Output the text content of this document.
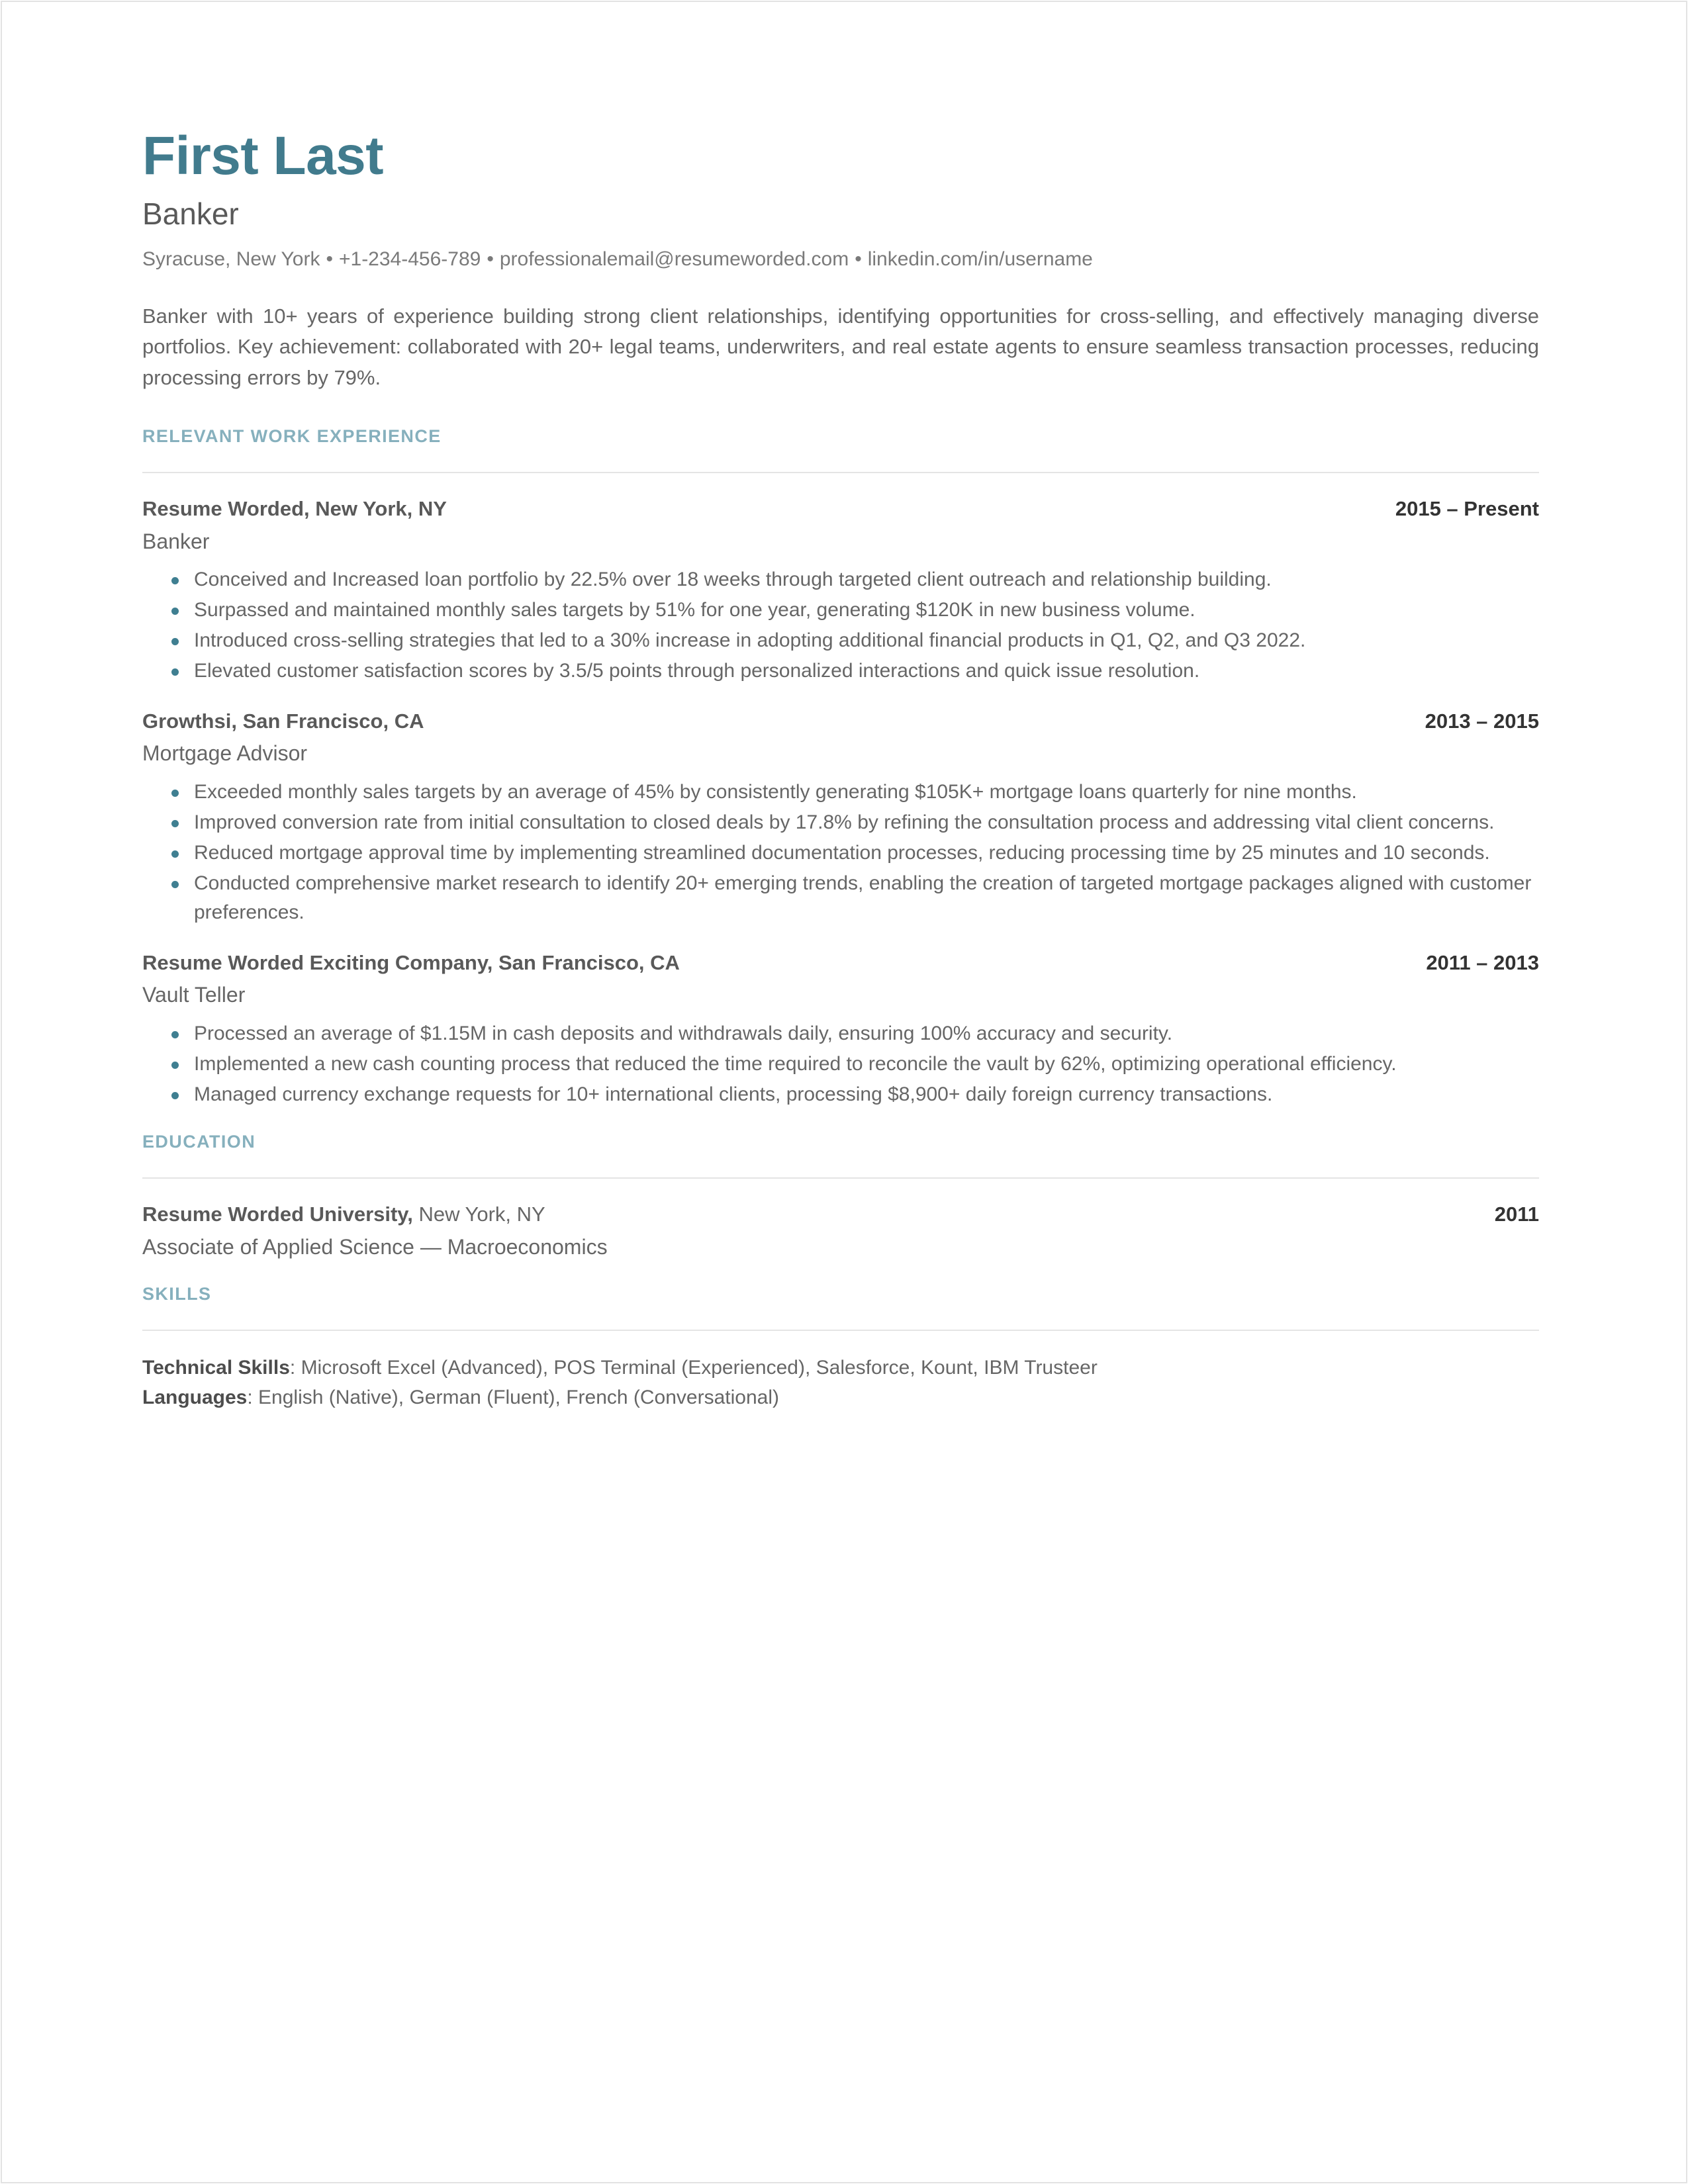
First Last
Banker
Syracuse, New York • +1-234-456-789 • professionalemail@resumeworded.com • linkedin.com/in/username

Banker with 10+ years of experience building strong client relationships, identifying opportunities for cross-selling, and effectively managing diverse portfolios. Key achievement: collaborated with 20+ legal teams, underwriters, and real estate agents to ensure seamless transaction processes, reducing processing errors by 79%.

RELEVANT WORK EXPERIENCE
Resume Worded, New York, NY	2015 – Present
Banker
Conceived and Increased loan portfolio by 22.5% over 18 weeks through targeted client outreach and relationship building.
Surpassed and maintained monthly sales targets by 51% for one year, generating $120K in new business volume.
Introduced cross-selling strategies that led to a 30% increase in adopting additional financial products in Q1, Q2, and Q3 2022.
Elevated customer satisfaction scores by 3.5/5 points through personalized interactions and quick issue resolution.
Growthsi, San Francisco, CA	2013 – 2015
Mortgage Advisor
Exceeded monthly sales targets by an average of 45% by consistently generating $105K+ mortgage loans quarterly for nine months.
Improved conversion rate from initial consultation to closed deals by 17.8% by refining the consultation process and addressing vital client concerns.
Reduced mortgage approval time by implementing streamlined documentation processes, reducing processing time by 25 minutes and 10 seconds.
Conducted comprehensive market research to identify 20+ emerging trends, enabling the creation of targeted mortgage packages aligned with customer preferences.
Resume Worded Exciting Company, San Francisco, CA	2011 – 2013
Vault Teller
Processed an average of $1.15M in cash deposits and withdrawals daily, ensuring 100% accuracy and security.
Implemented a new cash counting process that reduced the time required to reconcile the vault by 62%, optimizing operational efficiency.
Managed currency exchange requests for 10+ international clients, processing $8,900+ daily foreign currency transactions.
EDUCATION
Resume Worded University, New York, NY	2011
Associate of Applied Science — Macroeconomics
SKILLS
Technical Skills: Microsoft Excel (Advanced), POS Terminal (Experienced), Salesforce, Kount, IBM Trusteer
Languages: English (Native), German (Fluent), French (Conversational)
